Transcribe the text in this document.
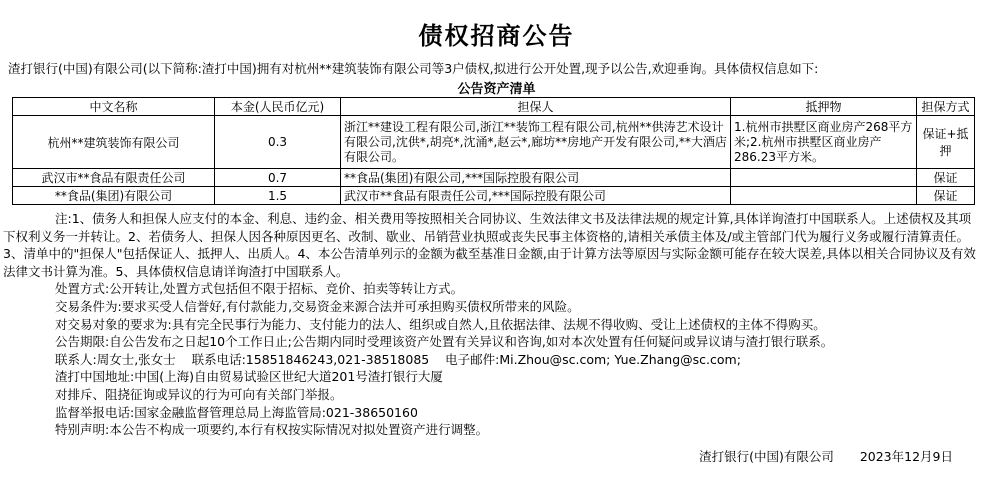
债权招商公告
渣打银行(中国)有限公司(以下简称:渣打中国)拥有对杭州**建筑装饰有限公司等3户债权,拟进行公开处置,现予以公告,欢迎垂询。具体债权信息如下:
公告资产清单
中文名称	本金(人民币亿元)	担保人	抵押物	担保方式
杭州**建筑装饰有限公司	0.3	浙江**建设工程有限公司,浙江**装饰工程有限公司,杭州**供涛艺术设计有限公司,沈供*,胡亮*,沈涌*,赵云*,廊坊**房地产开发有限公司,**大酒店有限公司。	1.杭州市拱墅区商业房产268平方米;2.杭州市拱墅区商业房产286.23平方米。	保证+抵押
武汉市**食品有限责任公司	0.7	**食品(集团)有限公司,***国际控股有限公司		保证
**食品(集团)有限公司	1.5	武汉市**食品有限责任公司,***国际控股有限公司		保证

注:1、债务人和担保人应支付的本金、利息、违约金、相关费用等按照相关合同协议、生效法律文书及法律法规的规定计算,具体详询渣打中国联系人。上述债权及其项下权利义务一并转让。2、若债务人、担保人因各种原因更名、改制、歇业、吊销营业执照或丧失民事主体资格的,请相关承债主体及/或主管部门代为履行义务或履行清算责任。3、清单中的"担保人"包括保证人、抵押人、出质人。4、本公告清单列示的金额为截至基准日金额,由于计算方法等原因与实际金额可能存在较大误差,具体以相关合同协议及有效法律文书计算为准。5、具体债权信息请详询渣打中国联系人。

处置方式:公开转让,处置方式包括但不限于招标、竞价、拍卖等转让方式。

交易条件为:要求买受人信誉好,有付款能力,交易资金来源合法并可承担购买债权所带来的风险。

对交易对象的要求为:具有完全民事行为能力、支付能力的法人、组织或自然人,且依据法律、法规不得收购、受让上述债权的主体不得购买。

公告期限:自公告发布之日起10个工作日止;公告期内同时受理该资产处置有关异议和咨询,如对本次处置有任何疑问或异议请与渣打银行联系。

联系人:周女士,张女士    联系电话:15851846243,021-38518085    电子邮件:Mi.Zhou@sc.com; Yue.Zhang@sc.com;

渣打中国地址:中国(上海)自由贸易试验区世纪大道201号渣打银行大厦

对排斥、阻挠征询或异议的行为可向有关部门举报。

监督举报电话:国家金融监督管理总局上海监管局:021-38650160

特别声明:本公告不构成一项要约,本行有权按实际情况对拟处置资产进行调整。

渣打银行(中国)有限公司 2023年12月9日
